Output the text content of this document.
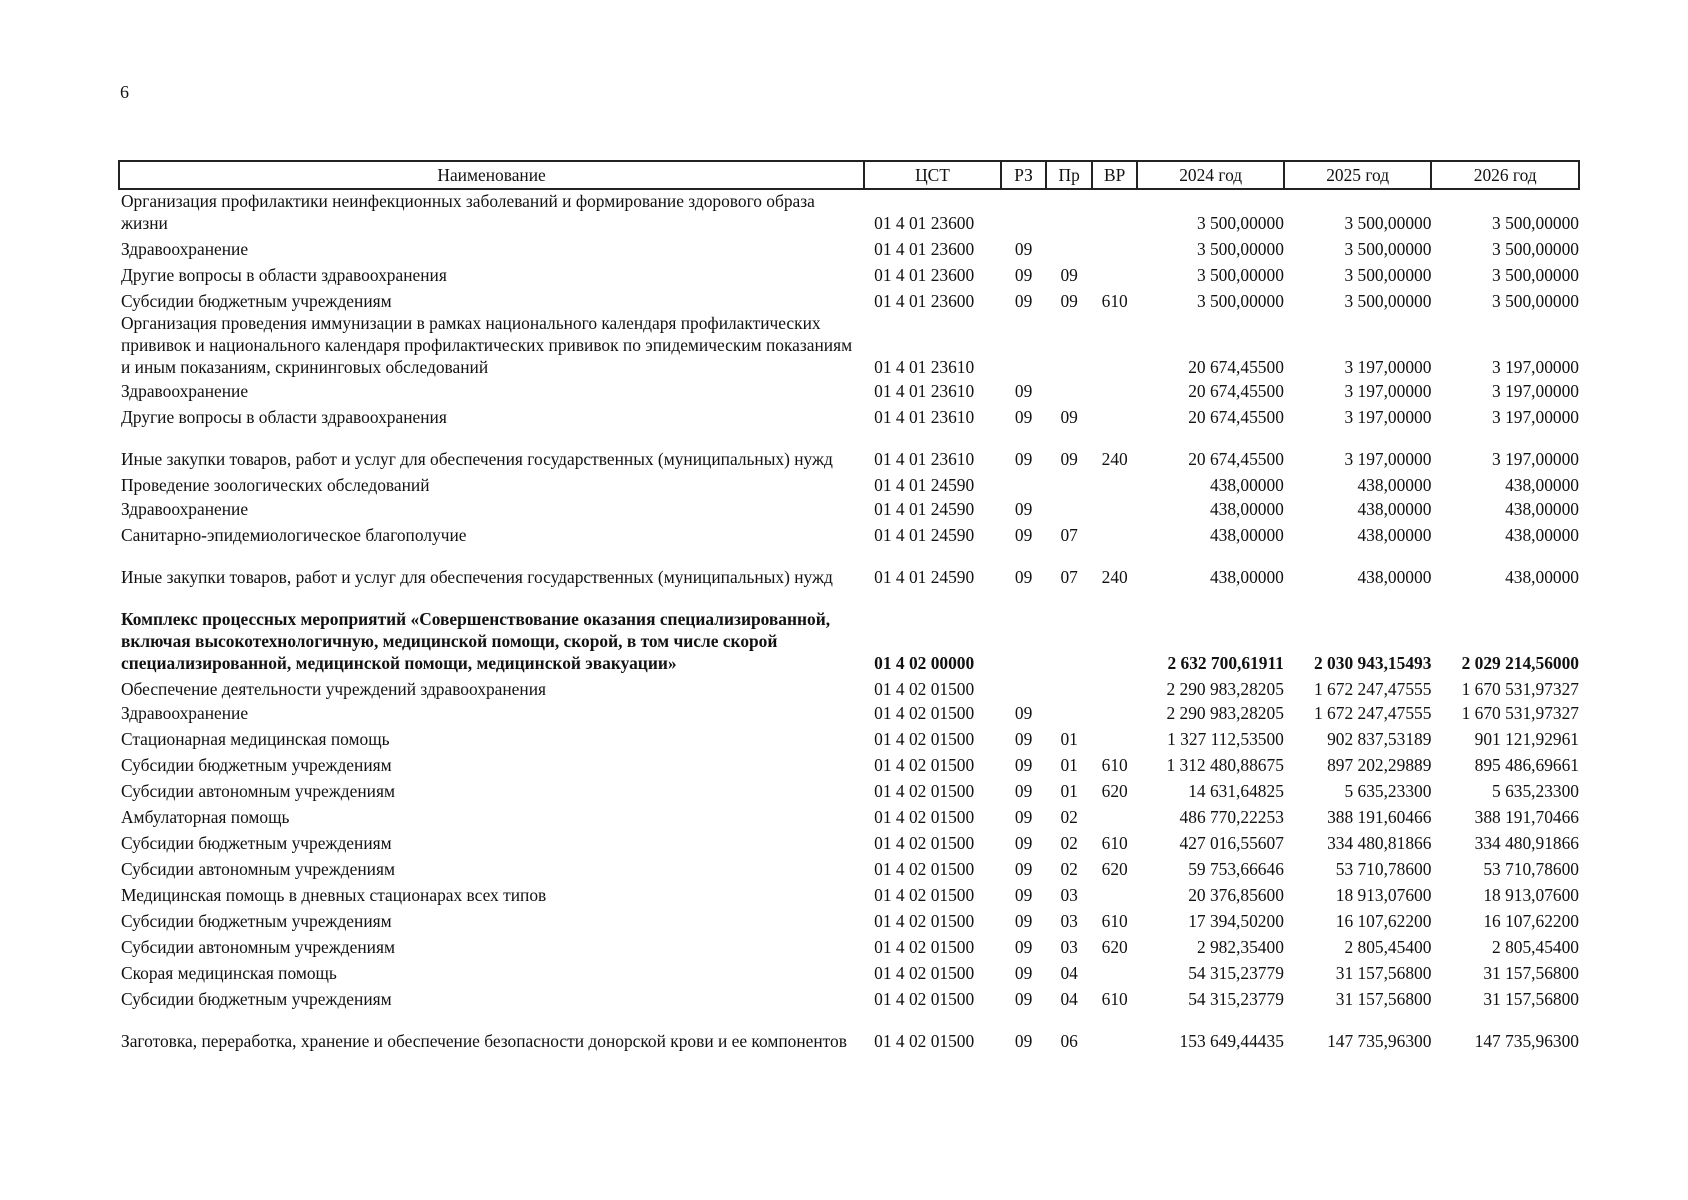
6
Наименование	ЦСТ	РЗ	Пр	ВР	2024 год	2025 год	2026 год
Организация профилактики неинфекционных заболеваний и формирование здорового образа жизни	01 4 01 23600				3 500,00000	3 500,00000	3 500,00000
Здравоохранение	01 4 01 23600	09			3 500,00000	3 500,00000	3 500,00000
Другие вопросы в области здравоохранения	01 4 01 23600	09	09		3 500,00000	3 500,00000	3 500,00000
Субсидии бюджетным учреждениям	01 4 01 23600	09	09	610	3 500,00000	3 500,00000	3 500,00000
Организация проведения иммунизации в рамках национального календаря профилактических прививок и национального календаря профилактических прививок по эпидемическим показаниям и иным показаниям, скрининговых обследований	01 4 01 23610				20 674,45500	3 197,00000	3 197,00000
Здравоохранение	01 4 01 23610	09			20 674,45500	3 197,00000	3 197,00000
Другие вопросы в области здравоохранения	01 4 01 23610	09	09		20 674,45500	3 197,00000	3 197,00000
Иные закупки товаров, работ и услуг для обеспечения государственных (муниципальных) нужд	01 4 01 23610	09	09	240	20 674,45500	3 197,00000	3 197,00000
Проведение зоологических обследований	01 4 01 24590				438,00000	438,00000	438,00000
Здравоохранение	01 4 01 24590	09			438,00000	438,00000	438,00000
Санитарно-эпидемиологическое благополучие	01 4 01 24590	09	07		438,00000	438,00000	438,00000
Иные закупки товаров, работ и услуг для обеспечения государственных (муниципальных) нужд	01 4 01 24590	09	07	240	438,00000	438,00000	438,00000
Комплекс процессных мероприятий «Совершенствование оказания специализированной, включая высокотехнологичную, медицинской помощи, скорой, в том числе скорой специализированной, медицинской помощи, медицинской эвакуации»	01 4 02 00000				2 632 700,61911	2 030 943,15493	2 029 214,56000
Обеспечение деятельности учреждений здравоохранения	01 4 02 01500				2 290 983,28205	1 672 247,47555	1 670 531,97327
Здравоохранение	01 4 02 01500	09			2 290 983,28205	1 672 247,47555	1 670 531,97327
Стационарная медицинская помощь	01 4 02 01500	09	01		1 327 112,53500	902 837,53189	901 121,92961
Субсидии бюджетным учреждениям	01 4 02 01500	09	01	610	1 312 480,88675	897 202,29889	895 486,69661
Субсидии автономным учреждениям	01 4 02 01500	09	01	620	14 631,64825	5 635,23300	5 635,23300
Амбулаторная помощь	01 4 02 01500	09	02		486 770,22253	388 191,60466	388 191,70466
Субсидии бюджетным учреждениям	01 4 02 01500	09	02	610	427 016,55607	334 480,81866	334 480,91866
Субсидии автономным учреждениям	01 4 02 01500	09	02	620	59 753,66646	53 710,78600	53 710,78600
Медицинская помощь в дневных стационарах всех типов	01 4 02 01500	09	03		20 376,85600	18 913,07600	18 913,07600
Субсидии бюджетным учреждениям	01 4 02 01500	09	03	610	17 394,50200	16 107,62200	16 107,62200
Субсидии автономным учреждениям	01 4 02 01500	09	03	620	2 982,35400	2 805,45400	2 805,45400
Скорая медицинская помощь	01 4 02 01500	09	04		54 315,23779	31 157,56800	31 157,56800
Субсидии бюджетным учреждениям	01 4 02 01500	09	04	610	54 315,23779	31 157,56800	31 157,56800
Заготовка, переработка, хранение и обеспечение безопасности донорской крови и ее компонентов	01 4 02 01500	09	06		153 649,44435	147 735,96300	147 735,96300
